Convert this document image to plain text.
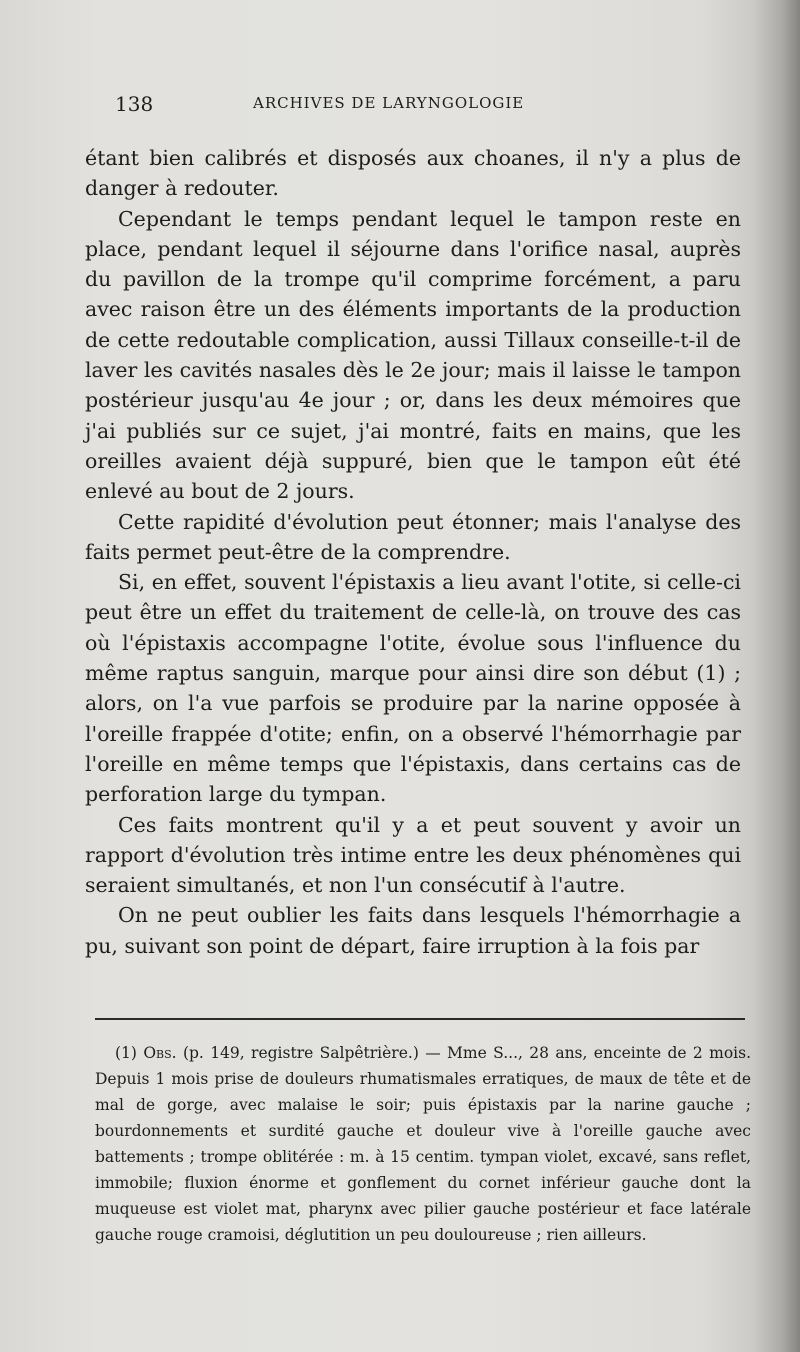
138	ARCHIVES DE LARYNGOLOGIE

étant bien calibrés et disposés aux choanes, il n'y a plus de danger à redouter.

Cependant le temps pendant lequel le tampon reste en place, pendant lequel il séjourne dans l'orifice nasal, auprès du pavillon de la trompe qu'il comprime forcément, a paru avec raison être un des éléments importants de la production de cette redoutable complication, aussi Tillaux conseille-t-il de laver les cavités nasales dès le 2e jour; mais il laisse le tampon postérieur jusqu'au 4e jour ; or, dans les deux mémoires que j'ai publiés sur ce sujet, j'ai montré, faits en mains, que les oreilles avaient déjà suppuré, bien que le tampon eût été enlevé au bout de 2 jours.

Cette rapidité d'évolution peut étonner; mais l'analyse des faits permet peut-être de la comprendre.

Si, en effet, souvent l'épistaxis a lieu avant l'otite, si celle-ci peut être un effet du traitement de celle-là, on trouve des cas où l'épistaxis accompagne l'otite, évolue sous l'influence du même raptus sanguin, marque pour ainsi dire son début (1) ; alors, on l'a vue parfois se produire par la narine opposée à l'oreille frappée d'otite; enfin, on a observé l'hémorrhagie par l'oreille en même temps que l'épistaxis, dans certains cas de perforation large du tympan.

Ces faits montrent qu'il y a et peut souvent y avoir un rapport d'évolution très intime entre les deux phénomènes qui seraient simultanés, et non l'un consécutif à l'autre.

On ne peut oublier les faits dans lesquels l'hémorrhagie a pu, suivant son point de départ, faire irruption à la fois par

(1) Obs. (p. 149, registre Salpêtrière.) — Mme S..., 28 ans, enceinte de 2 mois. Depuis 1 mois prise de douleurs rhumatismales erratiques, de maux de tête et de mal de gorge, avec malaise le soir; puis épistaxis par la narine gauche ; bourdonnements et surdité gauche et douleur vive à l'oreille gauche avec battements ; trompe oblitérée : m. à 15 centim. tympan violet, excavé, sans reflet, immobile; fluxion énorme et gonflement du cornet inférieur gauche dont la muqueuse est violet mat, pharynx avec pilier gauche postérieur et face latérale gauche rouge cramoisi, déglutition un peu douloureuse ; rien ailleurs.
